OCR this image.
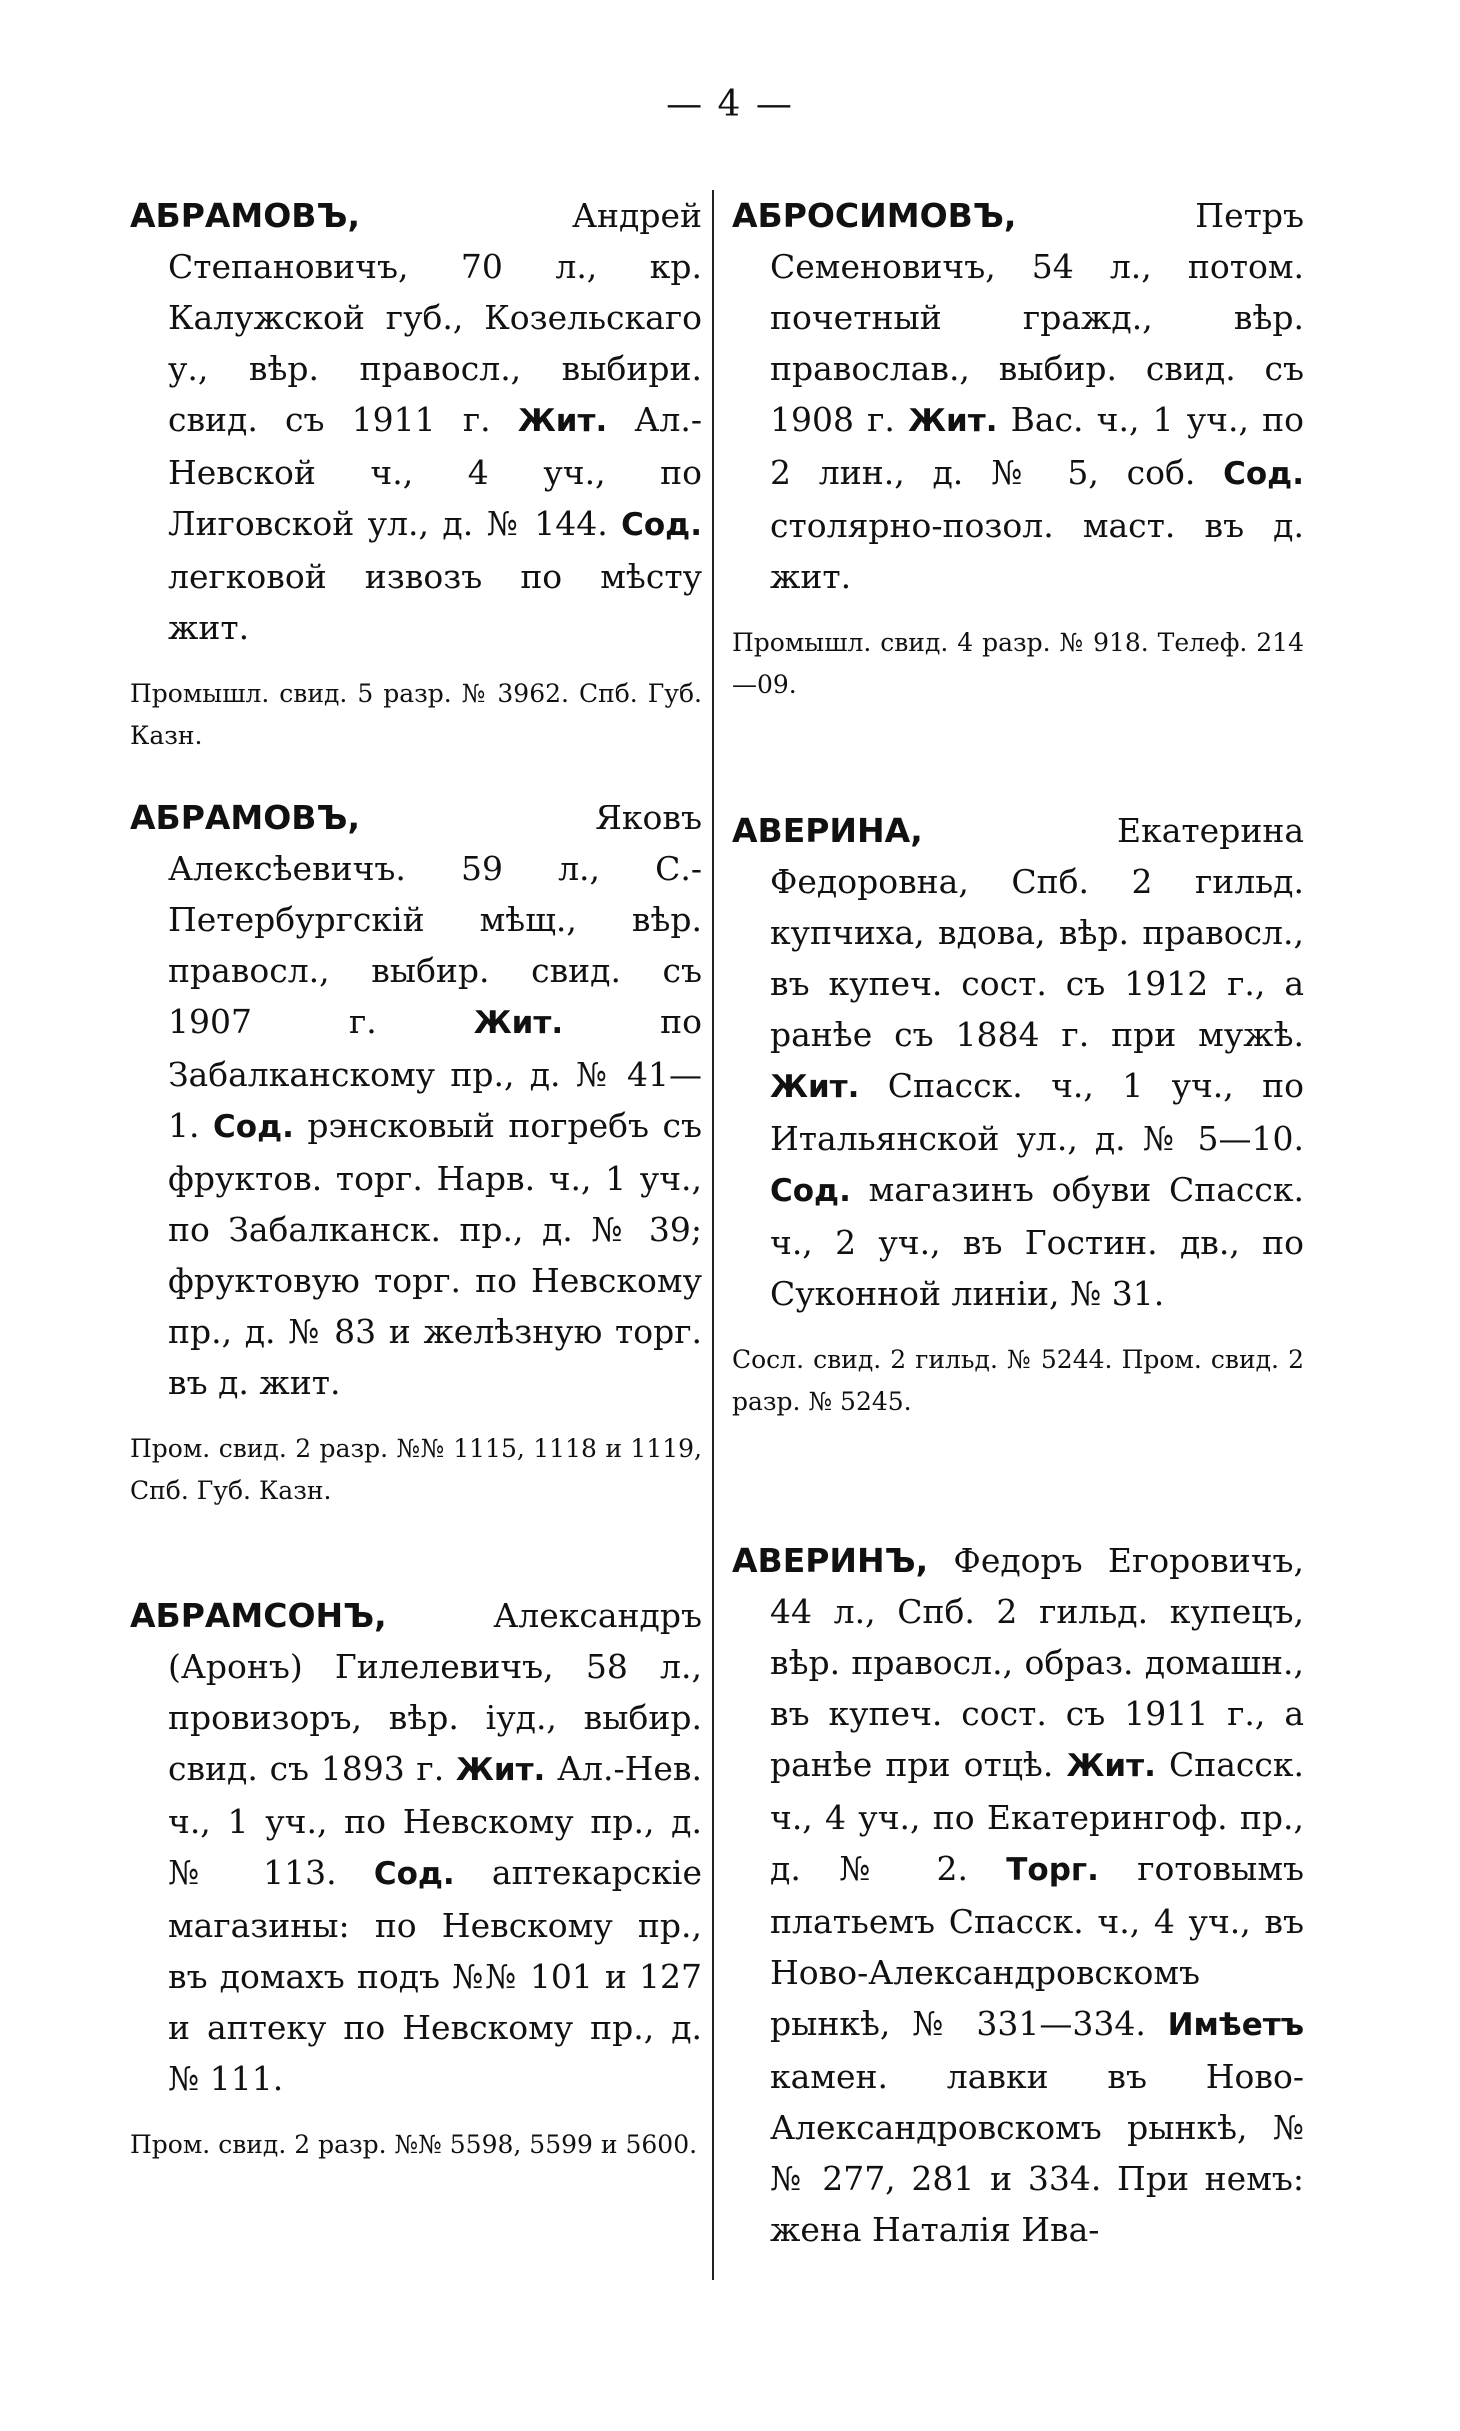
— 4 —

АБРАМОВЪ, Андрей Степановичъ, 70 л., кр. Калужской губ., Козельскаго у., вѣр. правосл., выбири. свид. съ 1911 г. Жит. Ал.-Невской ч., 4 уч., по Лиговской ул., д. № 144. Сод. легковой извозъ по мѣсту жит.

Промышл. свид. 5 разр. № 3962. Спб. Губ. Казн.

АБРАМОВЪ, Яковъ Алексѣевичъ. 59 л., С.-Петербургскій мѣщ., вѣр. правосл., выбир. свид. съ 1907 г. Жит. по Забалканскому пр., д. № 41—1. Сод. рэнсковый погребъ съ фруктов. торг. Нарв. ч., 1 уч., по Забалканск. пр., д. № 39; фруктовую торг. по Невскому пр., д. № 83 и желѣзную торг. въ д. жит.

Пром. свид. 2 разр. №№ 1115, 1118 и 1119, Спб. Губ. Казн.

АБРАМСОНЪ, Александръ (Аронъ) Гилелевичъ, 58 л., провизоръ, вѣр. іуд., выбир. свид. съ 1893 г. Жит. Ал.-Нев. ч., 1 уч., по Невскому пр., д. № 113. Сод. аптекарскіе магазины: по Невскому пр., въ домахъ подъ №№ 101 и 127 и аптеку по Невскому пр., д. № 111.

Пром. свид. 2 разр. №№ 5598, 5599 и 5600.

АБРОСИМОВЪ, Петръ Семеновичъ, 54 л., потом. почетный гражд., вѣр. православ., выбир. свид. съ 1908 г. Жит. Вас. ч., 1 уч., по 2 лин., д. № 5, соб. Сод. столярно-позол. маст. въ д. жит.

Промышл. свид. 4 разр. № 918. Телеф. 214—09.

АВЕРИНА, Екатерина Федоровна, Спб. 2 гильд. купчиха, вдова, вѣр. правосл., въ купеч. сост. съ 1912 г., а ранѣе съ 1884 г. при мужѣ. Жит. Спасск. ч., 1 уч., по Итальянской ул., д. № 5—10. Сод. магазинъ обуви Спасск. ч., 2 уч., въ Гостин. дв., по Суконной линіи, № 31.

Сосл. свид. 2 гильд. № 5244. Пром. свид. 2 разр. № 5245.

АВЕРИНЪ, Федоръ Егоровичъ, 44 л., Спб. 2 гильд. купецъ, вѣр. правосл., образ. домашн., въ купеч. сост. съ 1911 г., а ранѣе при отцѣ. Жит. Спасск. ч., 4 уч., по Екатерингоф. пр., д. № 2. Торг. готовымъ платьемъ Спасск. ч., 4 уч., въ Ново-Александровскомъ рынкѣ, № 331—334. Имѣетъ камен. лавки въ Ново-Александровскомъ рынкѣ, №№ 277, 281 и 334. При немъ: жена Наталія Ива-
